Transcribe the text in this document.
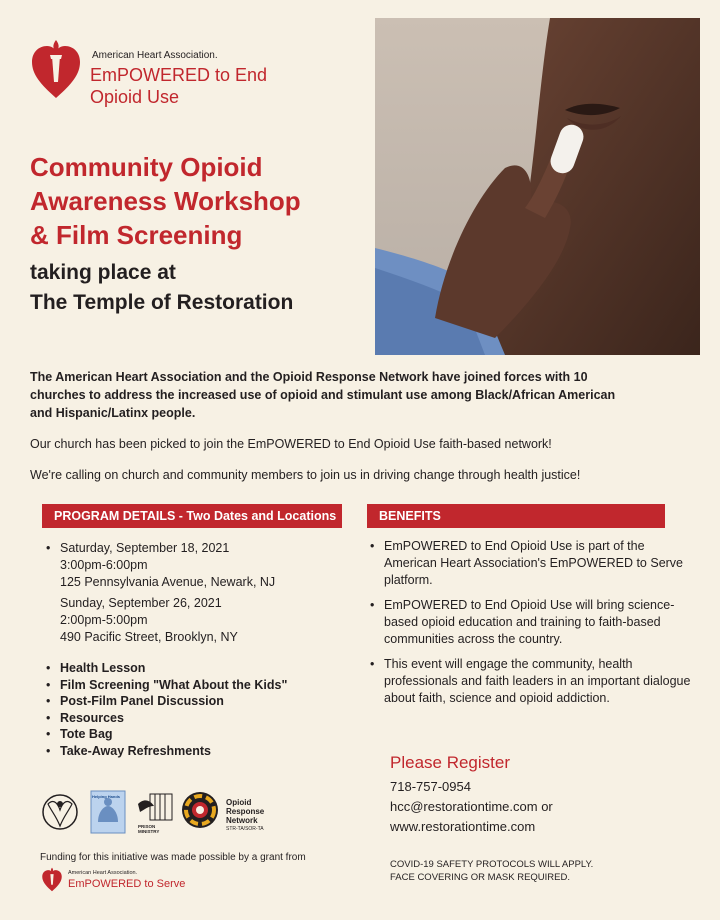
American Heart Association.
EmPOWERED to End Opioid Use
Community Opioid
Awareness Workshop
& Film Screening
taking place at
The Temple of Restoration

The American Heart Association and the Opioid Response Network have joined forces with 10 churches to address the increased use of opioid and stimulant use among Black/African American and Hispanic/Latinx people.

Our church has been picked to join the EmPOWERED to End Opioid Use faith-based network!

We're calling on church and community members to join us in driving change through health justice!

PROGRAM DETAILS - Two Dates and Locations	BENEFITS
• Saturday, September 18, 2021
3:00pm-6:00pm
125 Pennsylvania Avenue, Newark, NJ
Sunday, September 26, 2021
2:00pm-5:00pm
490 Pacific Street, Brooklyn, NY
• Health Lesson
• Film Screening "What About the Kids"
• Post-Film Panel Discussion
• Resources
• Tote Bag
• Take-Away Refreshments
• EmPOWERED to End Opioid Use is part of the American Heart Association's EmPOWERED to Serve platform.
• EmPOWERED to End Opioid Use will bring science-based opioid education and training to faith-based communities across the country.
• This event will engage the community, health professionals and faith leaders in an important dialogue about faith, science and opioid addiction.
Please Register
718-757-0954
hcc@restorationtime.com or
www.restorationtime.com
COVID-19 SAFETY PROTOCOLS WILL APPLY.
FACE COVERING OR MASK REQUIRED.
Helping Hands
PRISON MINISTRY
Opioid
Response
Network
STR-TA/SOR-TA
Funding for this initiative was made possible by a grant from
American Heart Association.
EmPOWERED to Serve
